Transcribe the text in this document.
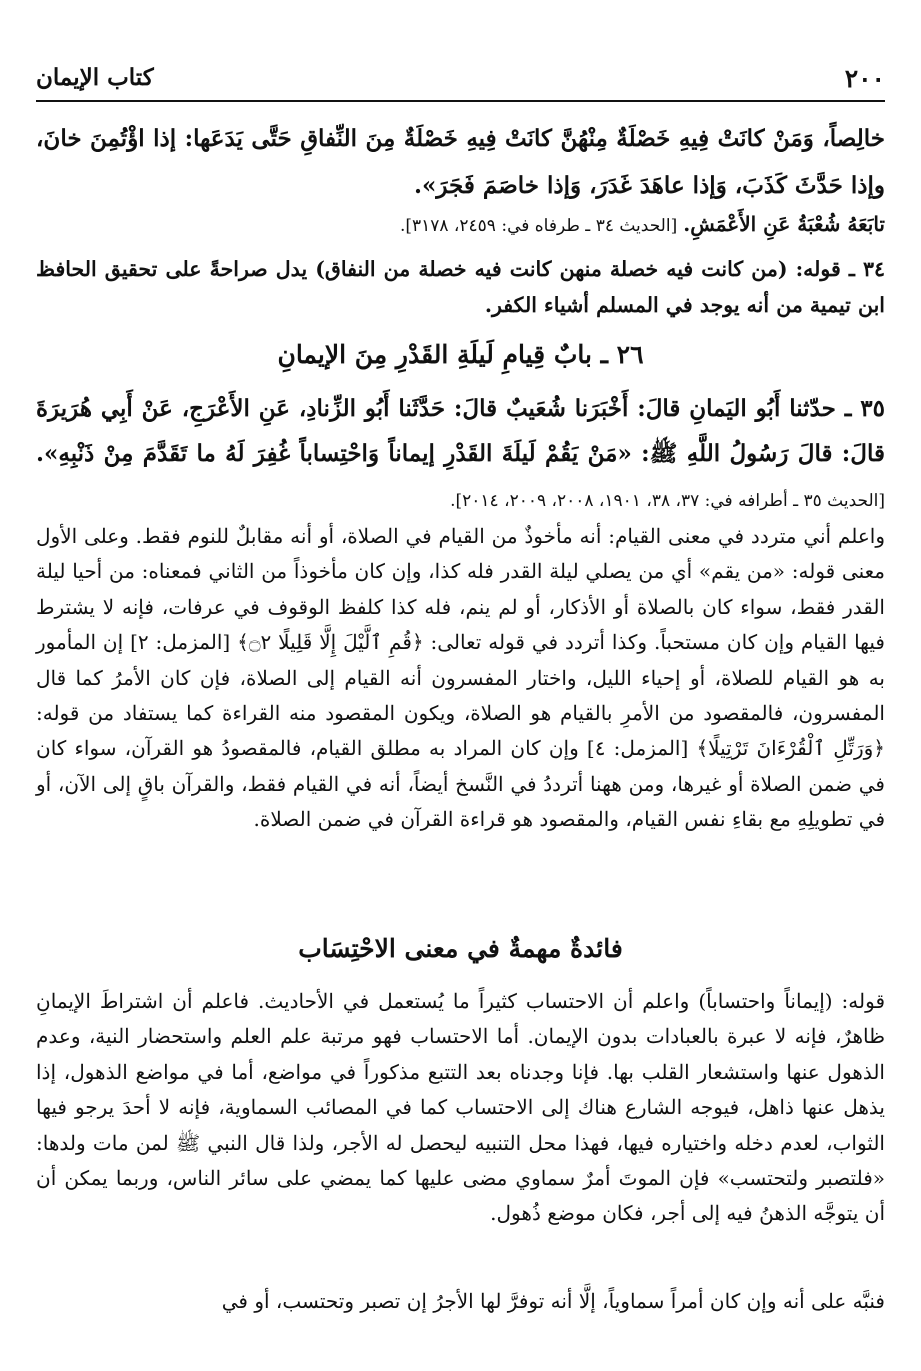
٢٠٠
كتاب الإيمان
خالِصاً، وَمَنْ كانَتْ فِيهِ خَصْلَةٌ مِنْهُنَّ كانَتْ فِيهِ خَصْلَةٌ مِنَ النِّفاقِ حَتَّى يَدَعَها: إذا اؤْتُمِنَ خانَ، وإذا حَدَّثَ كَذَبَ، وَإذا عاهَدَ غَدَرَ، وَإذا خاصَمَ فَجَرَ».
تابَعَهُ شُعْبَةُ عَنِ الأَعْمَشِ. [الحديث ٣٤ ـ طرفاه في: ٢٤٥٩، ٣١٧٨].
٣٤ ـ قوله: (من كانت فيه خصلة منهن كانت فيه خصلة من النفاق) يدل صراحةً على تحقيق الحافظ ابن تيمية من أنه يوجد في المسلم أشياء الكفر.
٢٦ ـ بابٌ قِيامِ لَيلَةِ القَدْرِ مِنَ الإيمانِ
٣٥ ـ حدّثنا أَبُو اليَمانِ قالَ: أَخْبَرَنا شُعَيبٌ قالَ: حَدَّثَنا أَبُو الزِّنادِ، عَنِ الأَعْرَجِ، عَنْ أَبِي هُرَيرَةَ قالَ: قالَ رَسُولُ اللَّهِ ﷺ: «مَنْ يَقُمْ لَيلَةَ القَدْرِ إيماناً وَاحْتِساباً غُفِرَ لَهُ ما تَقَدَّمَ مِنْ ذَنْبِهِ». [الحديث ٣٥ ـ أطرافه في: ٣٧، ٣٨، ١٩٠١، ٢٠٠٨، ٢٠٠٩، ٢٠١٤].
واعلم أني متردد في معنى القيام: أنه مأخوذٌ من القيام في الصلاة، أو أنه مقابلٌ للنوم فقط. وعلى الأول معنى قوله: «من يقم» أي من يصلي ليلة القدر فله كذا، وإن كان مأخوذاً من الثاني فمعناه: من أحيا ليلة القدر فقط، سواء كان بالصلاة أو الأذكار، أو لم ينم، فله كذا كلفظ الوقوف في عرفات، فإنه لا يشترط فيها القيام وإن كان مستحباً. وكذا أتردد في قوله تعالى: ﴿قُمِ ٱلَّيْلَ إِلَّا قَلِيلًا ۝٢﴾ [المزمل: ٢] إن المأمور به هو القيام للصلاة، أو إحياء الليل، واختار المفسرون أنه القيام إلى الصلاة، فإن كان الأمرُ كما قال المفسرون، فالمقصود من الأمرِ بالقيام هو الصلاة، ويكون المقصود منه القراءة كما يستفاد من قوله: ﴿وَرَتِّلِ ٱلْقُرْءَانَ تَرْتِيلًا﴾ [المزمل: ٤] وإن كان المراد به مطلق القيام، فالمقصودُ هو القرآن، سواء كان في ضمن الصلاة أو غيرها، ومن ههنا أترددُ في النَّسخ أيضاً، أنه في القيام فقط، والقرآن باقٍ إلى الآن، أو في تطويلِهِ مع بقاءِ نفس القيام، والمقصود هو قراءة القرآن في ضمن الصلاة.
فائدةٌ مهمةٌ في معنى الاحْتِسَاب
قوله: (إيماناً واحتساباً) واعلم أن الاحتساب كثيراً ما يُستعمل في الأحاديث. فاعلم أن اشتراطَ الإيمانِ ظاهرٌ، فإنه لا عبرة بالعبادات بدون الإيمان. أما الاحتساب فهو مرتبة علم العلم واستحضار النية، وعدم الذهول عنها واستشعار القلب بها. فإنا وجدناه بعد التتبع مذكوراً في مواضع، أما في مواضع الذهول، إذا يذهل عنها ذاهل، فيوجه الشارع هناك إلى الاحتساب كما في المصائب السماوية، فإنه لا أحدَ يرجو فيها الثواب، لعدم دخله واختياره فيها، فهذا محل التنبيه ليحصل له الأجر، ولذا قال النبي ﷺ لمن مات ولدها: «فلتصبر ولتحتسب» فإن الموتَ أمرٌ سماوي مضى عليها كما يمضي على سائر الناس، وربما يمكن أن أن يتوجَّه الذهنُ فيه إلى أجر، فكان موضع ذُهول.
فنبَّه على أنه وإن كان أمراً سماوياً، إلَّا أنه توفرَّ لها الأجرُ إن تصبر وتحتسب، أو في
